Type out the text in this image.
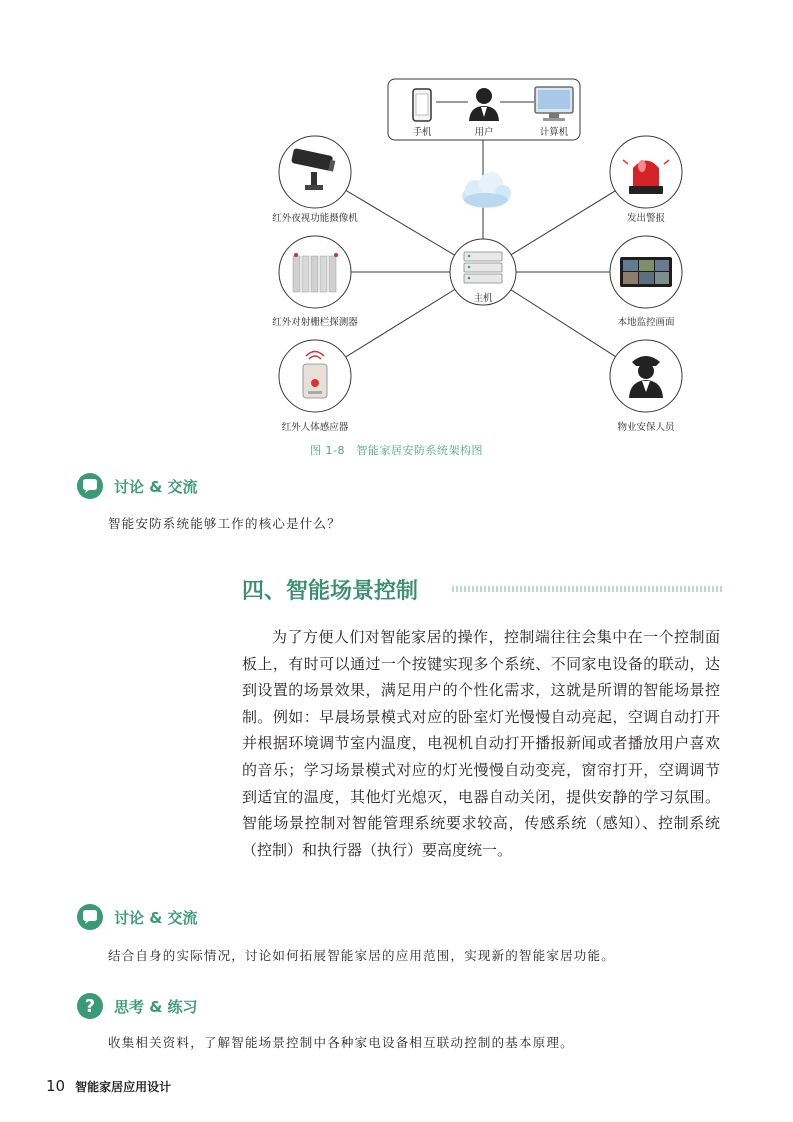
手机	用户	计算机
主机
红外夜视功能摄像机
红外对射栅栏探测器
红外人体感应器
发出警报
本地监控画面
物业安保人员
图 1-8　智能家居安防系统架构图
讨论 & 交流
智能安防系统能够工作的核心是什么？
四、智能场景控制
为了方便人们对智能家居的操作，控制端往往会集中在一个控制面板上，有时可以通过一个按键实现多个系统、不同家电设备的联动，达到设置的场景效果，满足用户的个性化需求，这就是所谓的智能场景控制。例如：早晨场景模式对应的卧室灯光慢慢自动亮起，空调自动打开并根据环境调节室内温度，电视机自动打开播报新闻或者播放用户喜欢的音乐；学习场景模式对应的灯光慢慢自动变亮，窗帘打开，空调调节到适宜的温度，其他灯光熄灭，电器自动关闭，提供安静的学习氛围。智能场景控制对智能管理系统要求较高，传感系统（感知）、控制系统（控制）和执行器（执行）要高度统一。
讨论 & 交流
结合自身的实际情况，讨论如何拓展智能家居的应用范围，实现新的智能家居功能。
? 思考 & 练习
收集相关资料，了解智能场景控制中各种家电设备相互联动控制的基本原理。
10 智能家居应用设计
